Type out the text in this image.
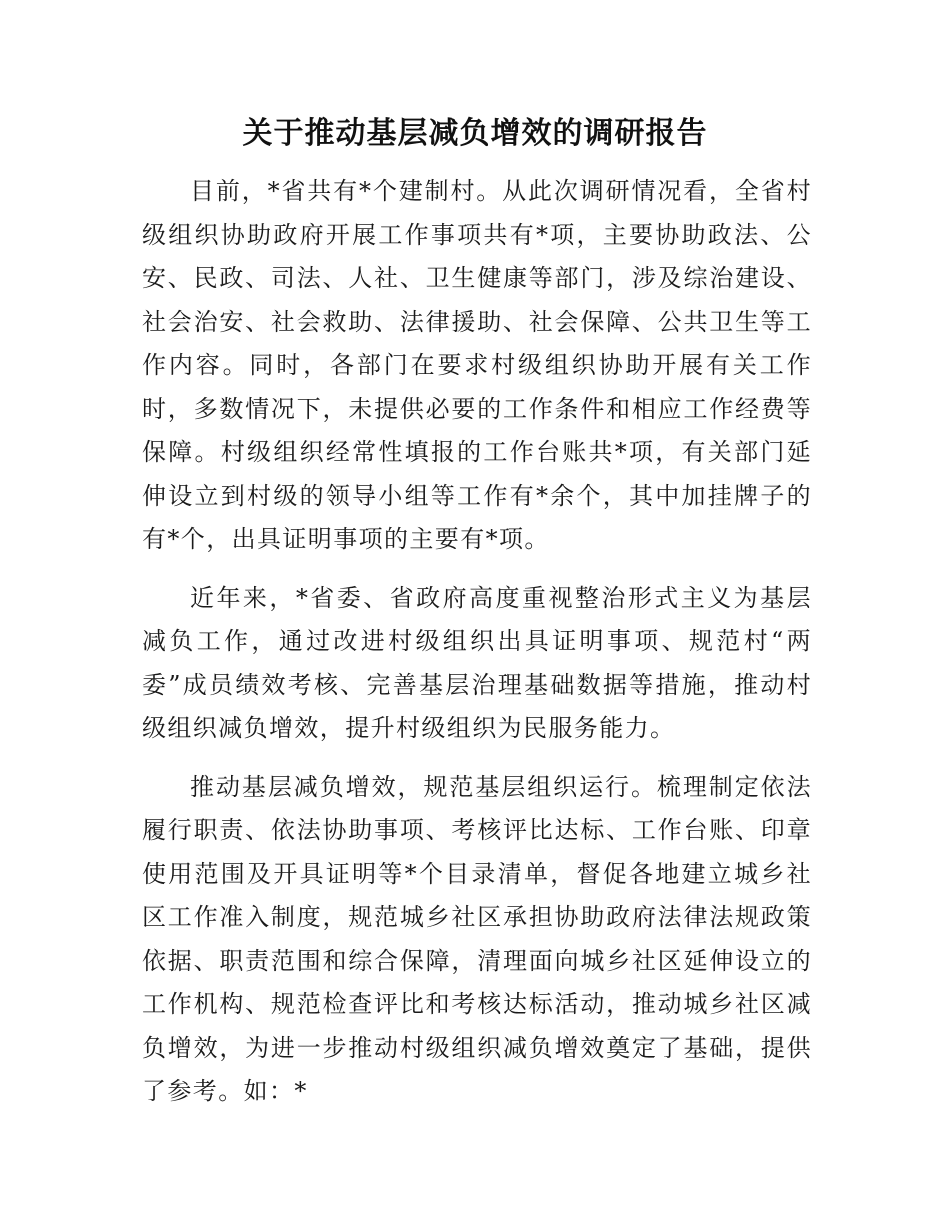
关于推动基层减负增效的调研报告

目前，*省共有*个建制村。从此次调研情况看，全省村级组织协助政府开展工作事项共有*项，主要协助政法、公安、民政、司法、人社、卫生健康等部门，涉及综治建设、社会治安、社会救助、法律援助、社会保障、公共卫生等工作内容。同时，各部门在要求村级组织协助开展有关工作时，多数情况下，未提供必要的工作条件和相应工作经费等保障。村级组织经常性填报的工作台账共*项，有关部门延伸设立到村级的领导小组等工作有*余个，其中加挂牌子的有*个，出具证明事项的主要有*项。

近年来，*省委、省政府高度重视整治形式主义为基层减负工作，通过改进村级组织出具证明事项、规范村“两委”成员绩效考核、完善基层治理基础数据等措施，推动村级组织减负增效，提升村级组织为民服务能力。

推动基层减负增效，规范基层组织运行。梳理制定依法履行职责、依法协助事项、考核评比达标、工作台账、印章使用范围及开具证明等*个目录清单，督促各地建立城乡社区工作准入制度，规范城乡社区承担协助政府法律法规政策依据、职责范围和综合保障，清理面向城乡社区延伸设立的工作机构、规范检查评比和考核达标活动，推动城乡社区减负增效，为进一步推动村级组织减负增效奠定了基础，提供了参考。如：*
